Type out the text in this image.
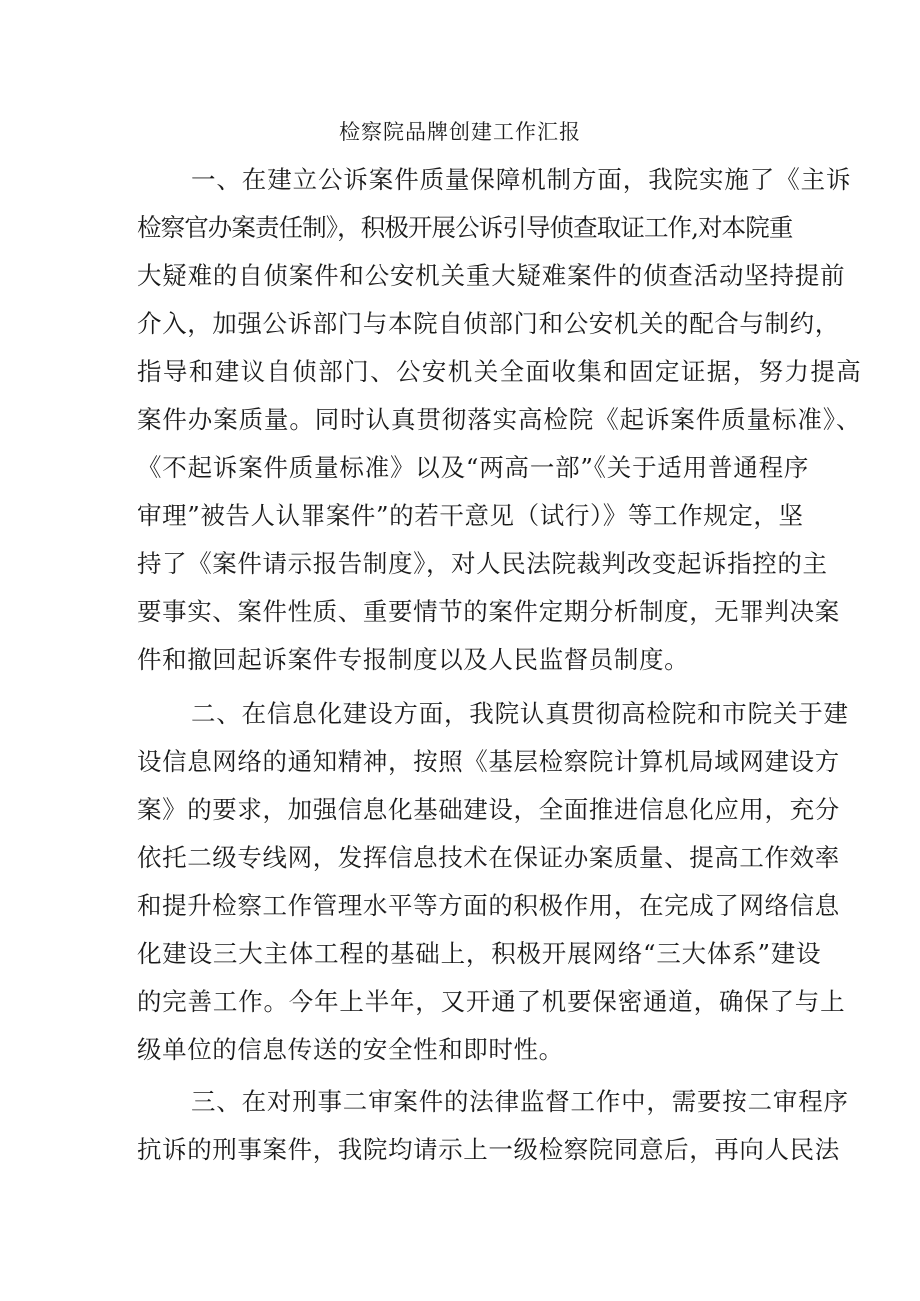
检察院品牌创建工作汇报
一、在建立公诉案件质量保障机制方面，我院实施了《主诉
检察官办案责任制》，积极开展公诉引导侦查取证工作,对本院重
大疑难的自侦案件和公安机关重大疑难案件的侦查活动坚持提前
介入，加强公诉部门与本院自侦部门和公安机关的配合与制约，
指导和建议自侦部门、公安机关全面收集和固定证据，努力提高
案件办案质量。同时认真贯彻落实高检院《起诉案件质量标准》、
《不起诉案件质量标准》以及“两高一部”《关于适用普通程序
审理”被告人认罪案件”的若干意见（试行）》等工作规定，坚
持了《案件请示报告制度》，对人民法院裁判改变起诉指控的主
要事实、案件性质、重要情节的案件定期分析制度，无罪判决案
件和撤回起诉案件专报制度以及人民监督员制度。
二、在信息化建设方面，我院认真贯彻高检院和市院关于建
设信息网络的通知精神，按照《基层检察院计算机局域网建设方
案》的要求，加强信息化基础建设，全面推进信息化应用，充分
依托二级专线网，发挥信息技术在保证办案质量、提高工作效率
和提升检察工作管理水平等方面的积极作用，在完成了网络信息
化建设三大主体工程的基础上，积极开展网络“三大体系”建设
的完善工作。今年上半年，又开通了机要保密通道，确保了与上
级单位的信息传送的安全性和即时性。
三、在对刑事二审案件的法律监督工作中，需要按二审程序
抗诉的刑事案件，我院均请示上一级检察院同意后，再向人民法
